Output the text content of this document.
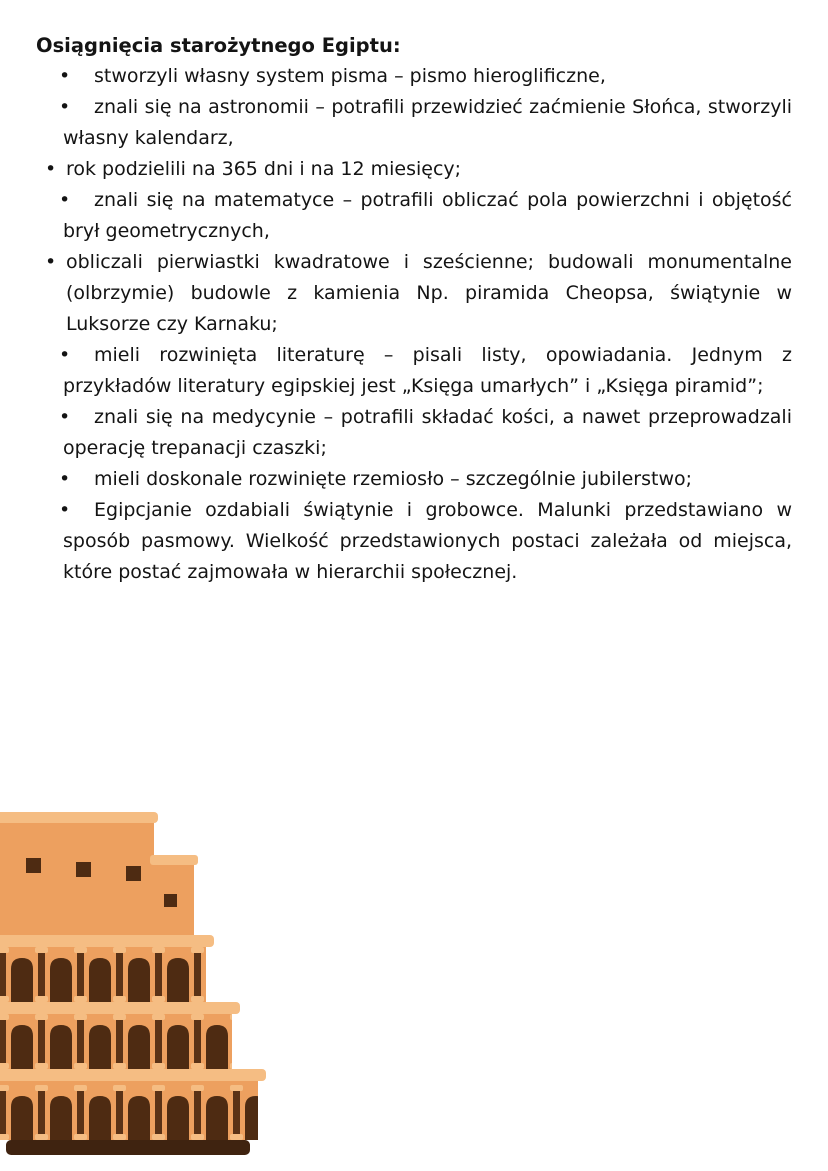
Osiągnięcia starożytnego Egiptu:

•	stworzyli własny system pisma – pismo hieroglificzne,
•	znali się na astronomii – potrafili przewidzieć zaćmienie Słońca, stworzyli własny kalendarz,
• rok podzielili na 365 dni i na 12 miesięcy;
•	znali się na matematyce – potrafili obliczać pola powierzchni i objętość brył geometrycznych,
• obliczali pierwiastki kwadratowe i sześcienne; budowali monumentalne (olbrzymie) budowle z kamienia Np. piramida Cheopsa, świątynie w Luksorze czy Karnaku;
•	mieli rozwinięta literaturę – pisali listy, opowiadania. Jednym z przykładów literatury egipskiej jest „Księga umarłych” i „Księga piramid”;
•	znali się na medycynie – potrafili składać kości, a nawet przeprowadzali operację trepanacji czaszki;
•	mieli doskonale rozwinięte rzemiosło – szczególnie jubilerstwo;
•	Egipcjanie ozdabiali świątynie i grobowce. Malunki przedstawiano w sposób pasmowy. Wielkość przedstawionych postaci zależała od miejsca, które postać zajmowała w hierarchii społecznej.
